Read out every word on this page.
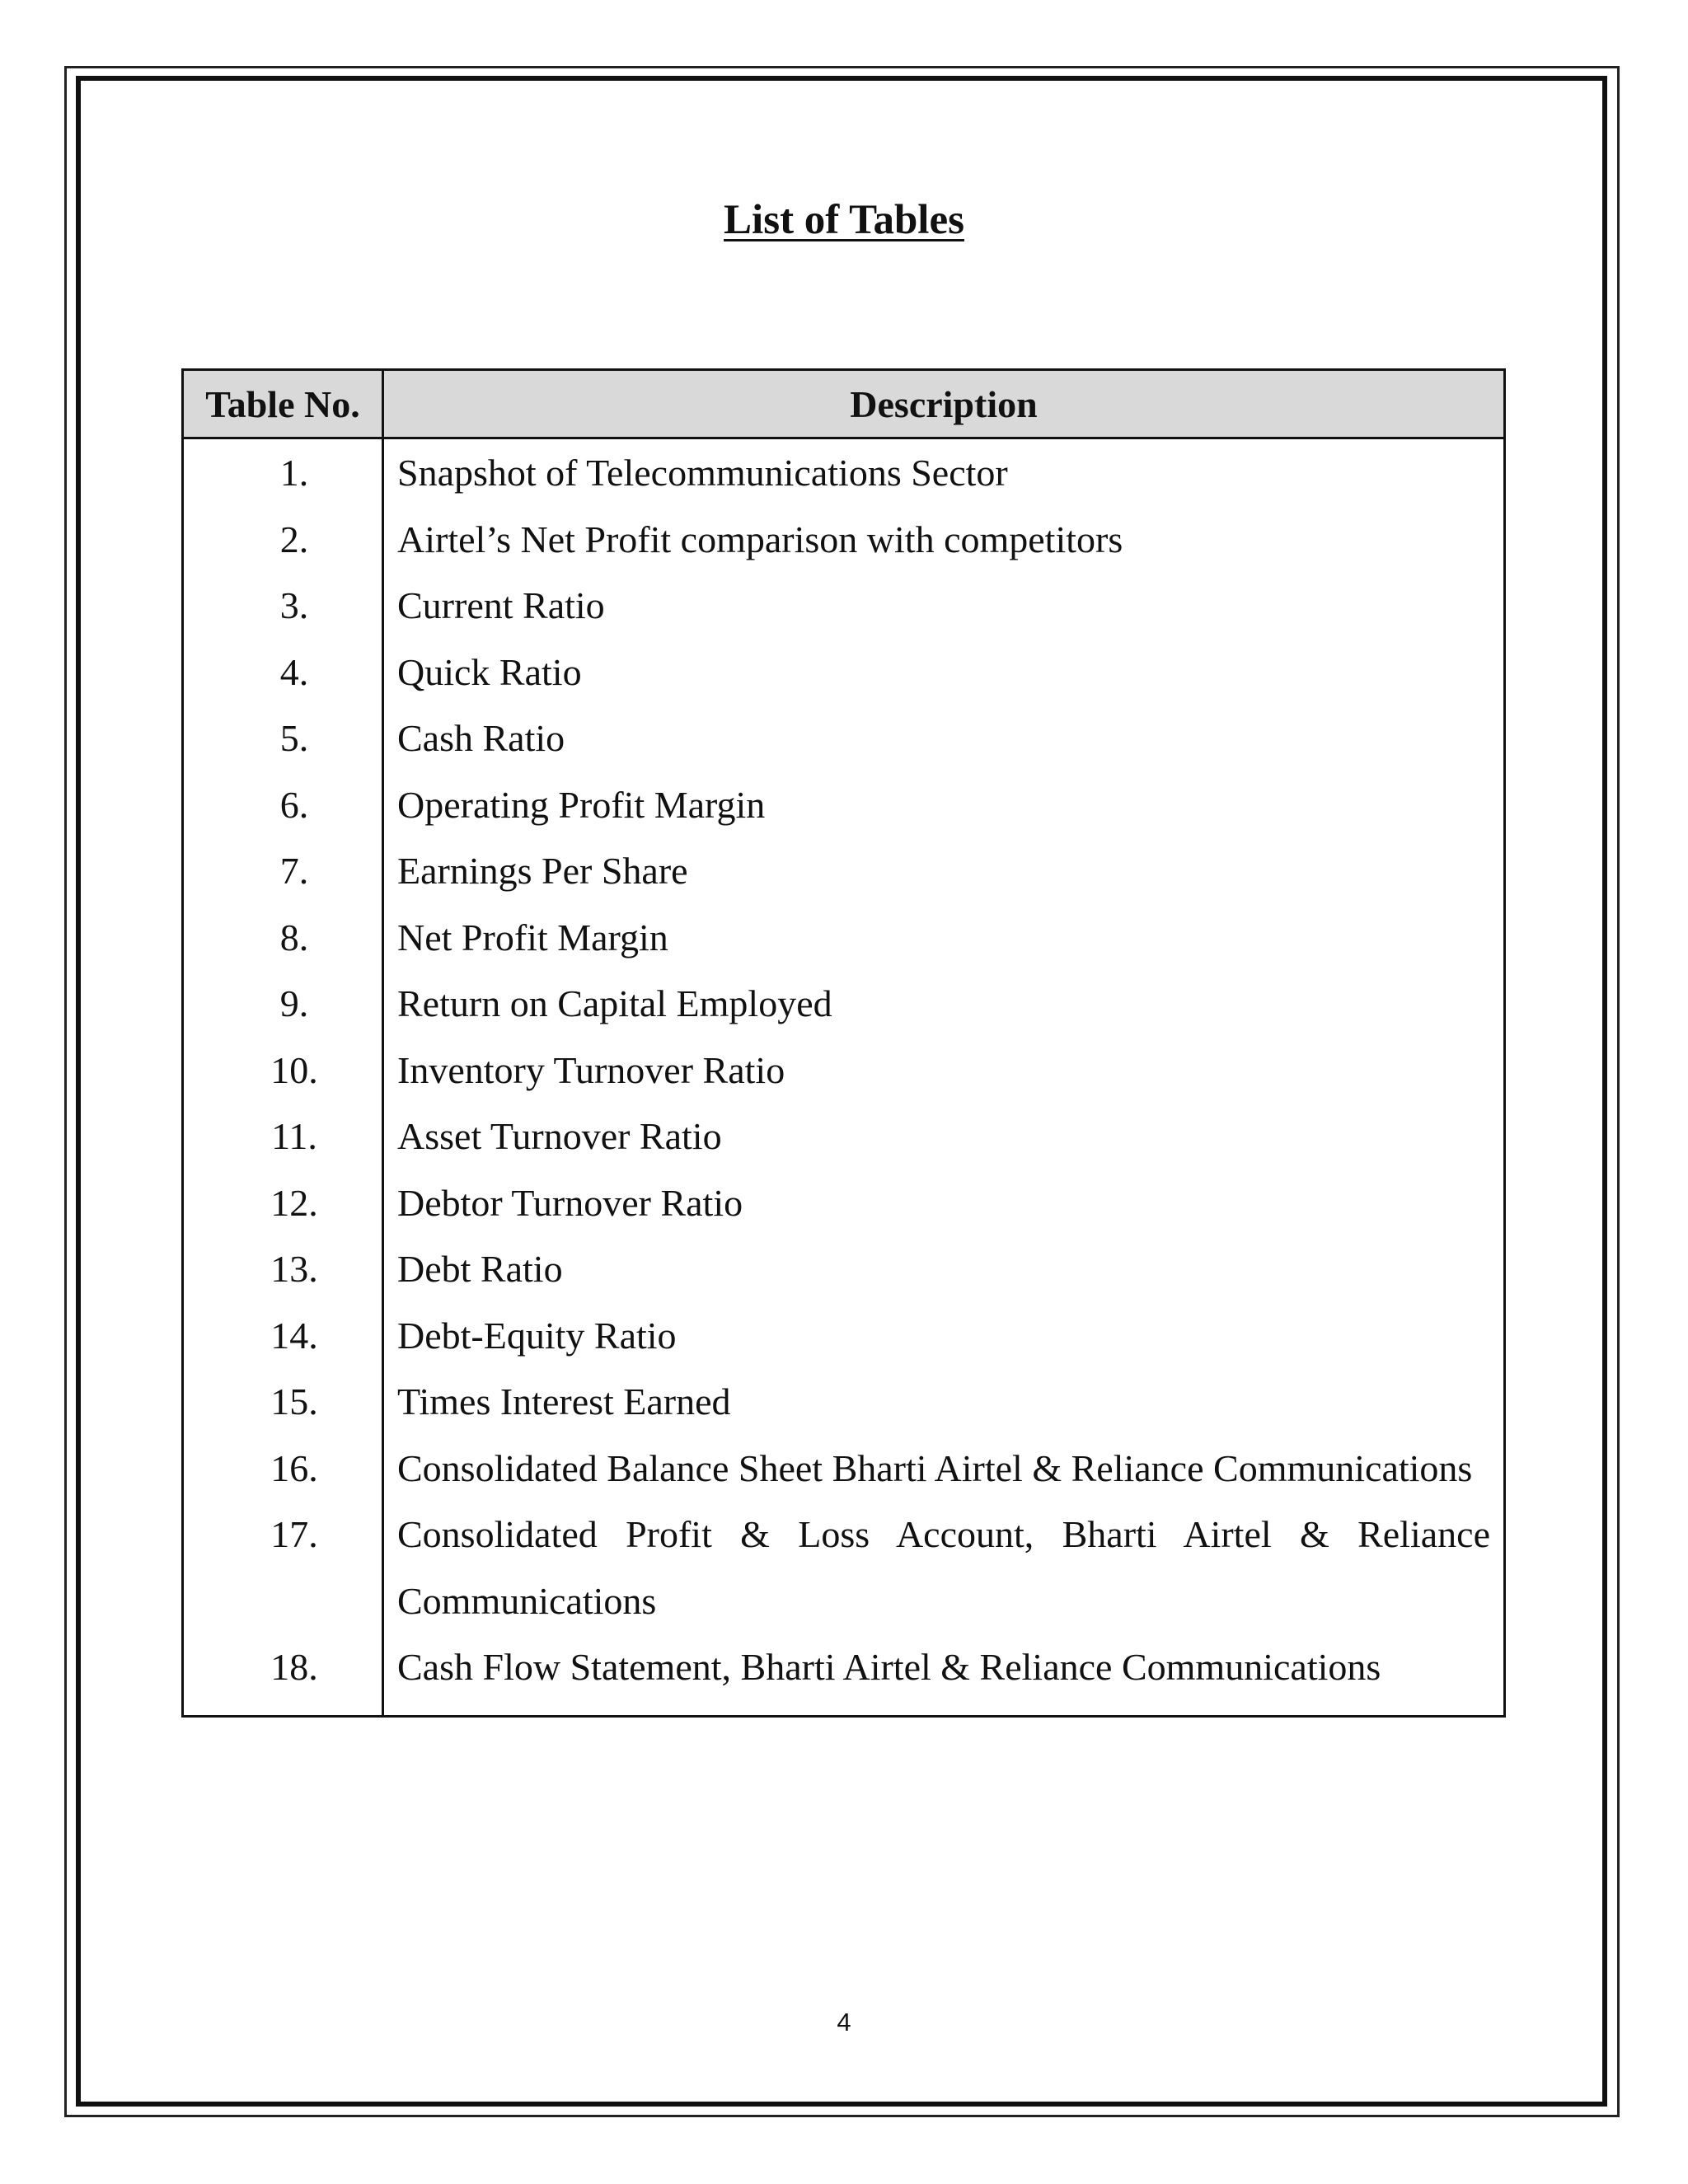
List of Tables
Table No.	Description
1.	Snapshot of Telecommunications Sector
2.	Airtel’s Net Profit comparison with competitors
3.	Current Ratio
4.	Quick Ratio
5.	Cash Ratio
6.	Operating Profit Margin
7.	Earnings Per Share
8.	Net Profit Margin
9.	Return on Capital Employed
10.	Inventory Turnover Ratio
11.	Asset Turnover Ratio
12.	Debtor Turnover Ratio
13.	Debt Ratio
14.	Debt-Equity Ratio
15.	Times Interest Earned
16.	Consolidated Balance Sheet Bharti Airtel & Reliance Communications
17.	Consolidated Profit & Loss Account, Bharti Airtel & Reliance Communications
18.	Cash Flow Statement, Bharti Airtel & Reliance Communications
4
